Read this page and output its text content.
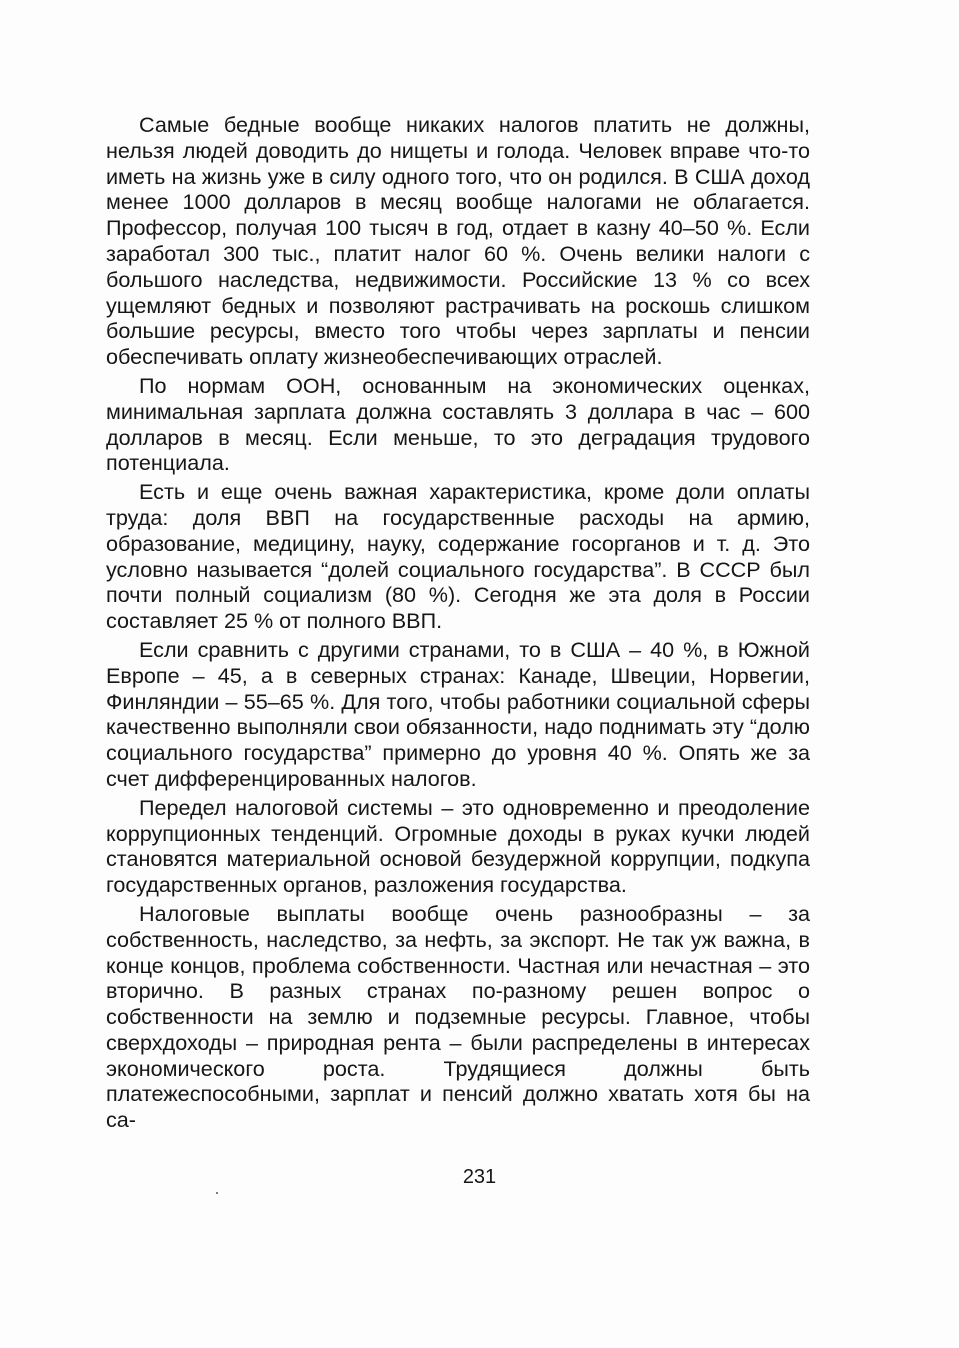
Самые бедные вообще никаких налогов платить не должны, нельзя людей доводить до нищеты и голода. Человек вправе что-то иметь на жизнь уже в силу одного того, что он родился. В США доход менее 1000 долларов в месяц вообще налогами не облагается. Профессор, получая 100 тысяч в год, отдает в казну 40–50 %. Если заработал 300 тыс., платит налог 60 %. Очень велики налоги с большого наследства, недвижимости. Российские 13 % со всех ущемляют бедных и позволяют растрачивать на роскошь слишком большие ресурсы, вместо того чтобы через зарплаты и пенсии обеспечивать оплату жизнеобеспечивающих отраслей.

По нормам ООН, основанным на экономических оценках, минимальная зарплата должна составлять 3 доллара в час – 600 долларов в месяц. Если меньше, то это деградация трудового потенциала.

Есть и еще очень важная характеристика, кроме доли оплаты труда: доля ВВП на государственные расходы на армию, образование, медицину, науку, содержание госорганов и т. д. Это условно называется “долей социального государства”. В СССР был почти полный социализм (80 %). Сегодня же эта доля в России составляет 25 % от полного ВВП.

Если сравнить с другими странами, то в США – 40 %, в Южной Европе – 45, а в северных странах: Канаде, Швеции, Норвегии, Финляндии – 55–65 %. Для того, чтобы работники социальной сферы качественно выполняли свои обязанности, надо поднимать эту “долю социального государства” примерно до уровня 40 %. Опять же за счет дифференцированных налогов.

Передел налоговой системы – это одновременно и преодоление коррупционных тенденций. Огромные доходы в руках кучки людей становятся материальной основой безудержной коррупции, подкупа государственных органов, разложения государства.

Налоговые выплаты вообще очень разнообразны – за собственность, наследство, за нефть, за экспорт. Не так уж важна, в конце концов, проблема собственности. Частная или нечастная – это вторично. В разных странах по-разному решен вопрос о собственности на землю и подземные ресурсы. Главное, чтобы сверхдоходы – природная рента – были распределены в интересах экономического роста. Трудящиеся должны быть платежеспособными, зарплат и пенсий должно хватать хотя бы на са-

231
